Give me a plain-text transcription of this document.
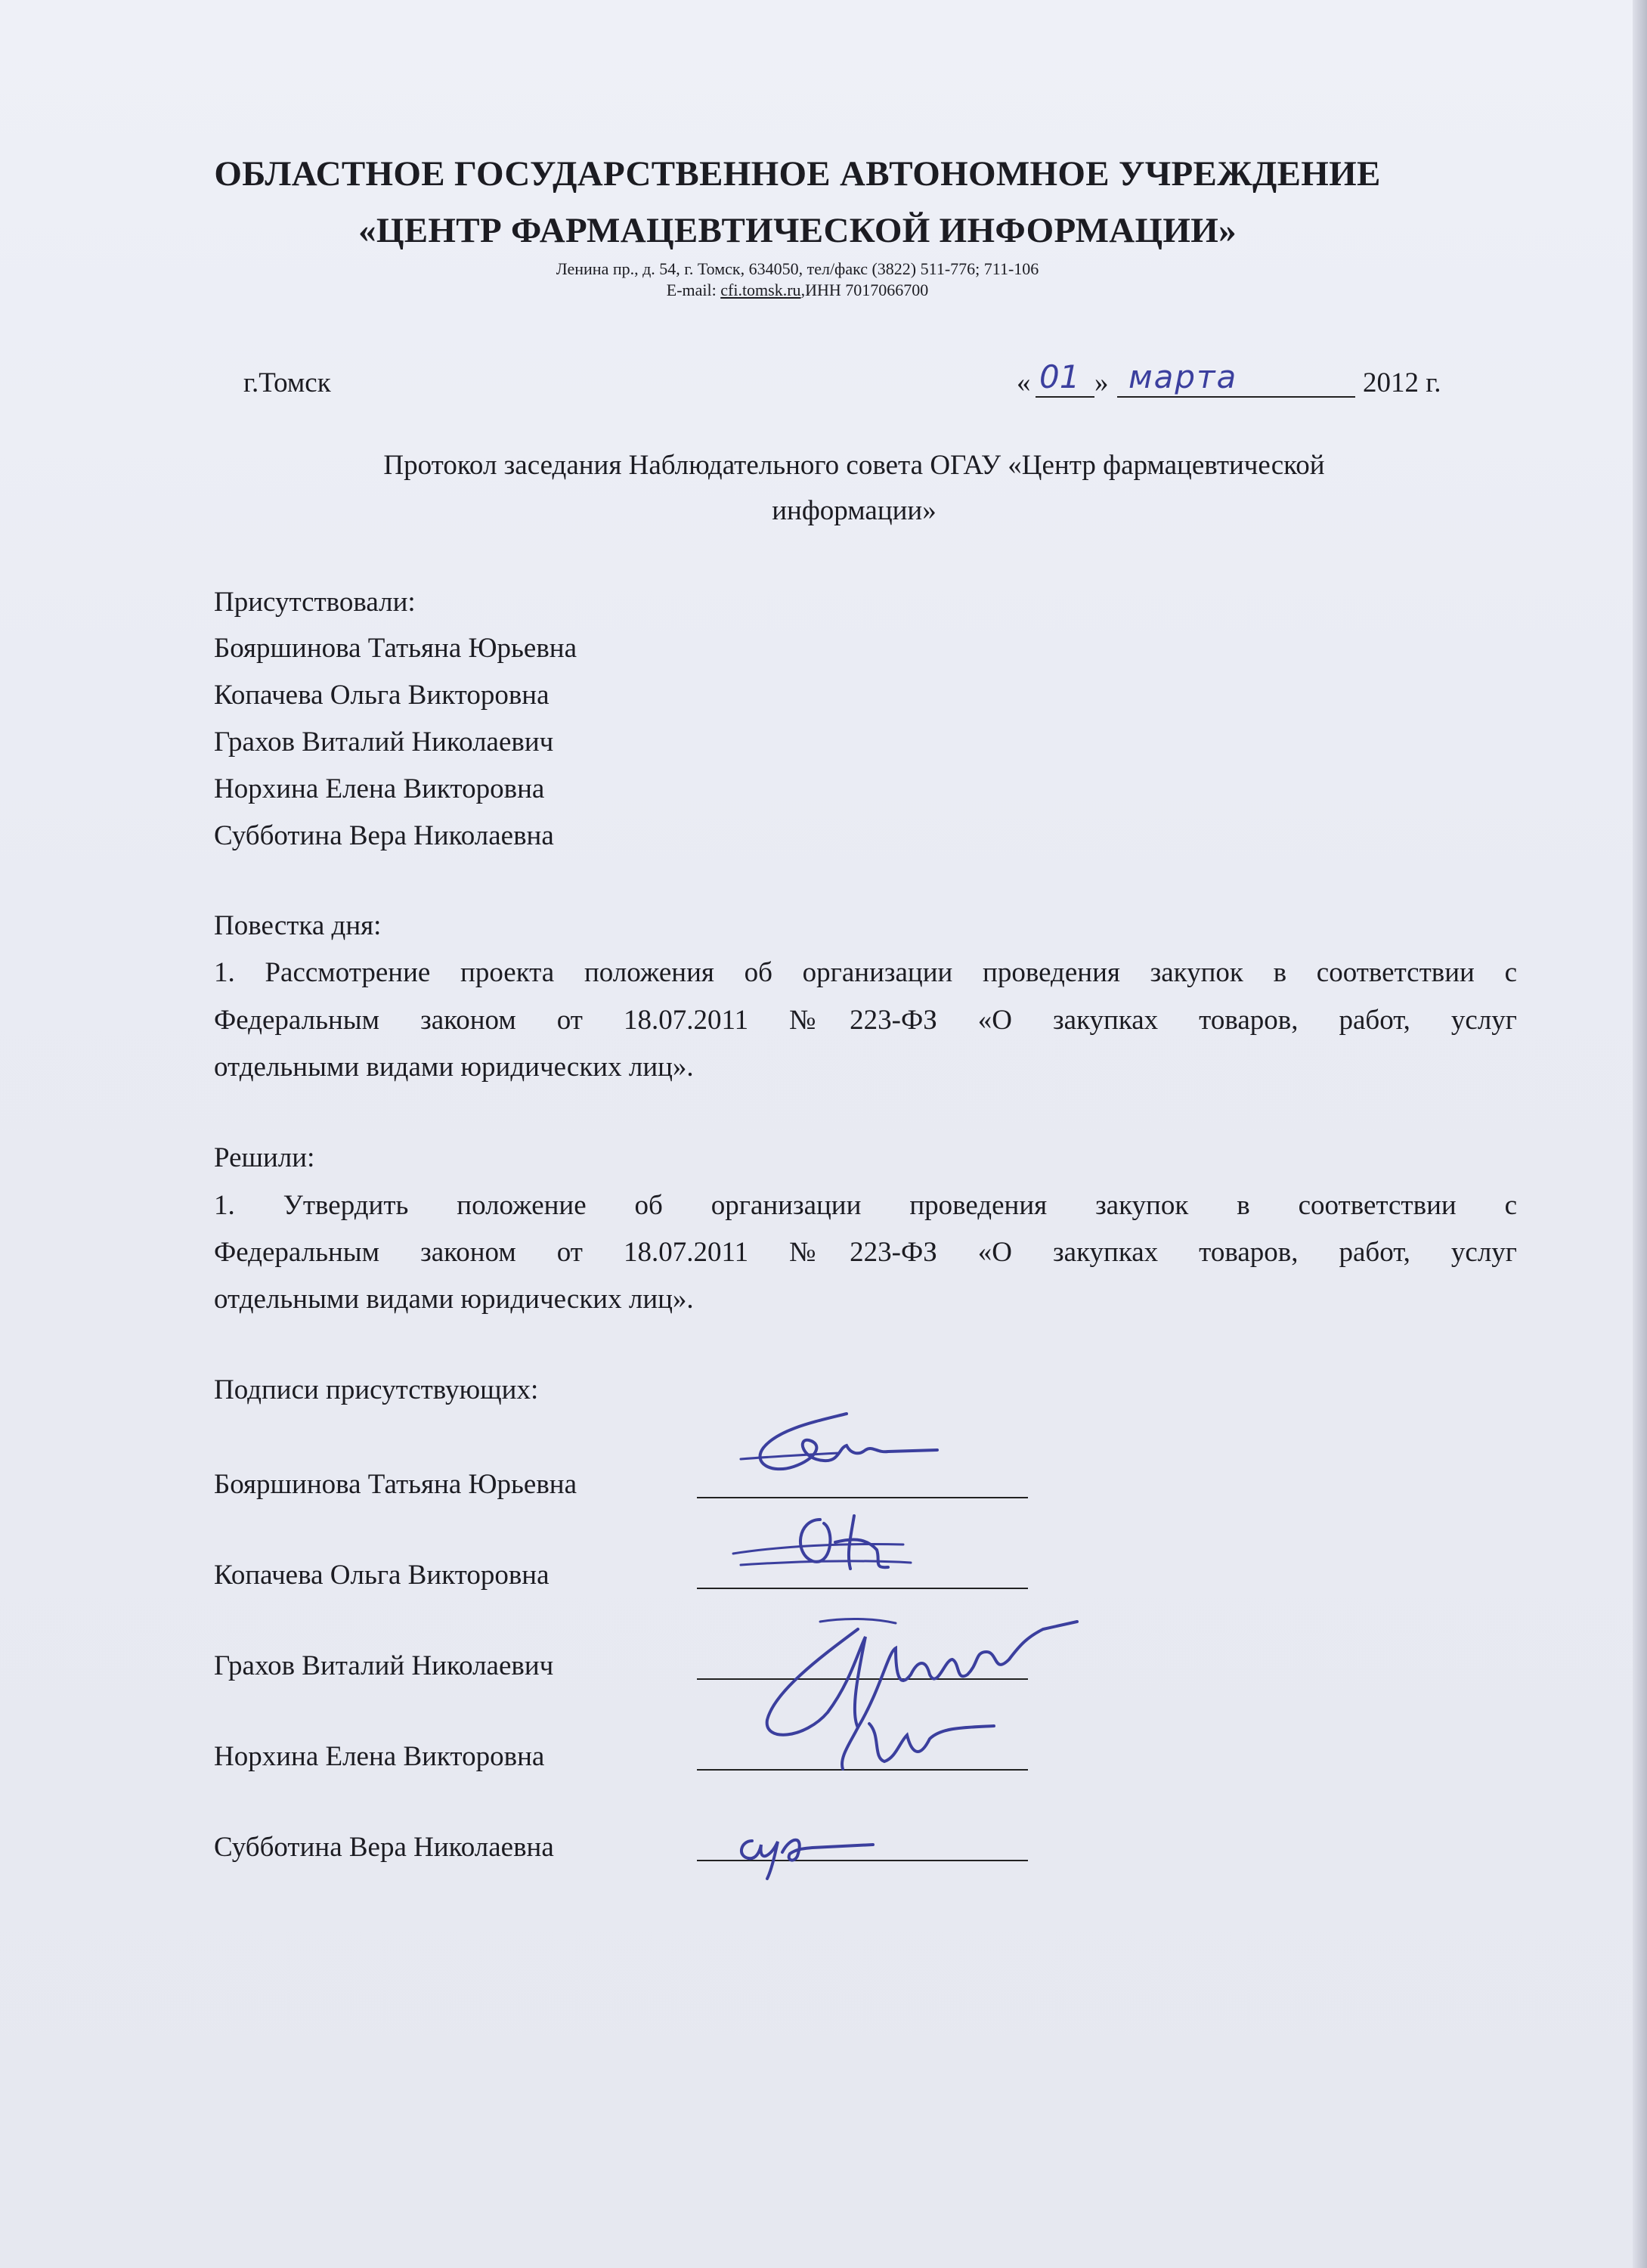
ОБЛАСТНОЕ ГОСУДАРСТВЕННОЕ АВТОНОМНОЕ УЧРЕЖДЕНИЕ
«ЦЕНТР ФАРМАЦЕВТИЧЕСКОЙ ИНФОРМАЦИИ»
Ленина пр., д. 54, г. Томск, 634050, тел/факс (3822) 511-776; 711-106
E-mail: cfi.tomsk.ru,ИНН 7017066700
г.Томск	« 01 » марта	2012 г.
Протокол заседания Наблюдательного совета ОГАУ «Центр фармацевтической
информации»
Присутствовали:
Бояршинова Татьяна Юрьевна
Копачева Ольга Викторовна
Грахов Виталий Николаевич
Норхина Елена Викторовна
Субботина Вера Николаевна
Повестка дня:
1. Рассмотрение проекта положения об организации проведения закупок в соответствии с
Федеральным законом от 18.07.2011 №223-ФЗ «О закупках товаров, работ, услуг
отдельными видами юридических лиц».
Решили:
1. Утвердить положение об организации проведения закупок в соответствии с
Федеральным законом от 18.07.2011 №223-ФЗ «О закупках товаров, работ, услуг
отдельными видами юридических лиц».
Подписи присутствующих:
Бояршинова Татьяна Юрьевна
Копачева Ольга Викторовна
Грахов Виталий Николаевич
Норхина Елена Викторовна
Субботина Вера Николаевна
